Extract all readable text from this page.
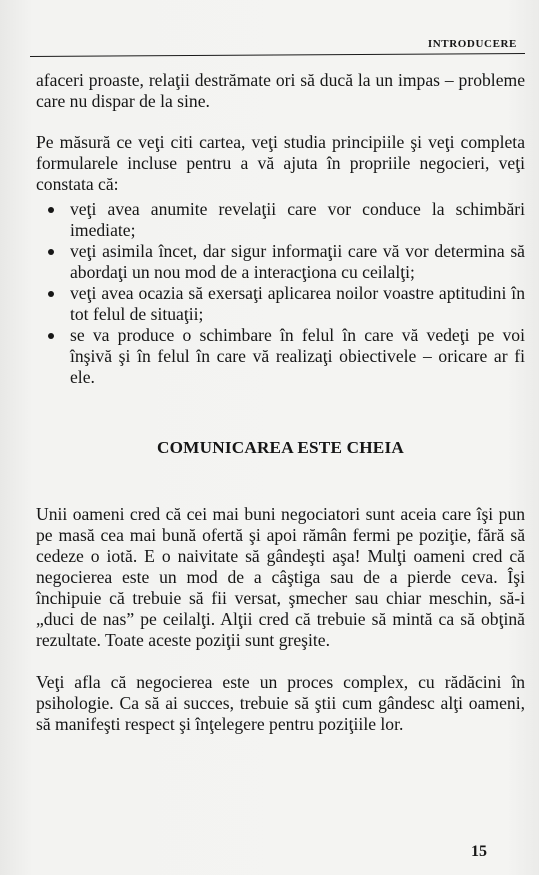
INTRODUCERE

afaceri proaste, relaţii destrămate ori să ducă la un impas – probleme care nu dispar de la sine.

Pe măsură ce veţi citi cartea, veţi studia principiile şi veţi completa formularele incluse pentru a vă ajuta în propriile negocieri, veţi constata că:

veţi avea anumite revelaţii care vor conduce la schimbări imediate;
veţi asimila încet, dar sigur informaţii care vă vor determina să abordaţi un nou mod de a interacţiona cu ceilalţi;
veţi avea ocazia să exersaţi aplicarea noilor voastre aptitudini în tot felul de situaţii;
se va produce o schimbare în felul în care vă vedeţi pe voi înşivă şi în felul în care vă realizaţi obiectivele – oricare ar fi ele.
COMUNICAREA ESTE CHEIA

Unii oameni cred că cei mai buni negociatori sunt aceia care îşi pun pe masă cea mai bună ofertă şi apoi rămân fermi pe poziţie, fără să cedeze o iotă. E o naivitate să gândeşti aşa! Mulţi oameni cred că negocierea este un mod de a câştiga sau de a pierde ceva. Îşi închipuie că trebuie să fii versat, şmecher sau chiar meschin, să-i „duci de nas” pe ceilalţi. Alţii cred că trebuie să mintă ca să obţină rezultate. Toate aceste poziţii sunt greşite.

Veţi afla că negocierea este un proces complex, cu rădăcini în psihologie. Ca să ai succes, trebuie să ştii cum gândesc alţi oameni, să manifeşti respect şi înţelegere pentru poziţiile lor.

15
